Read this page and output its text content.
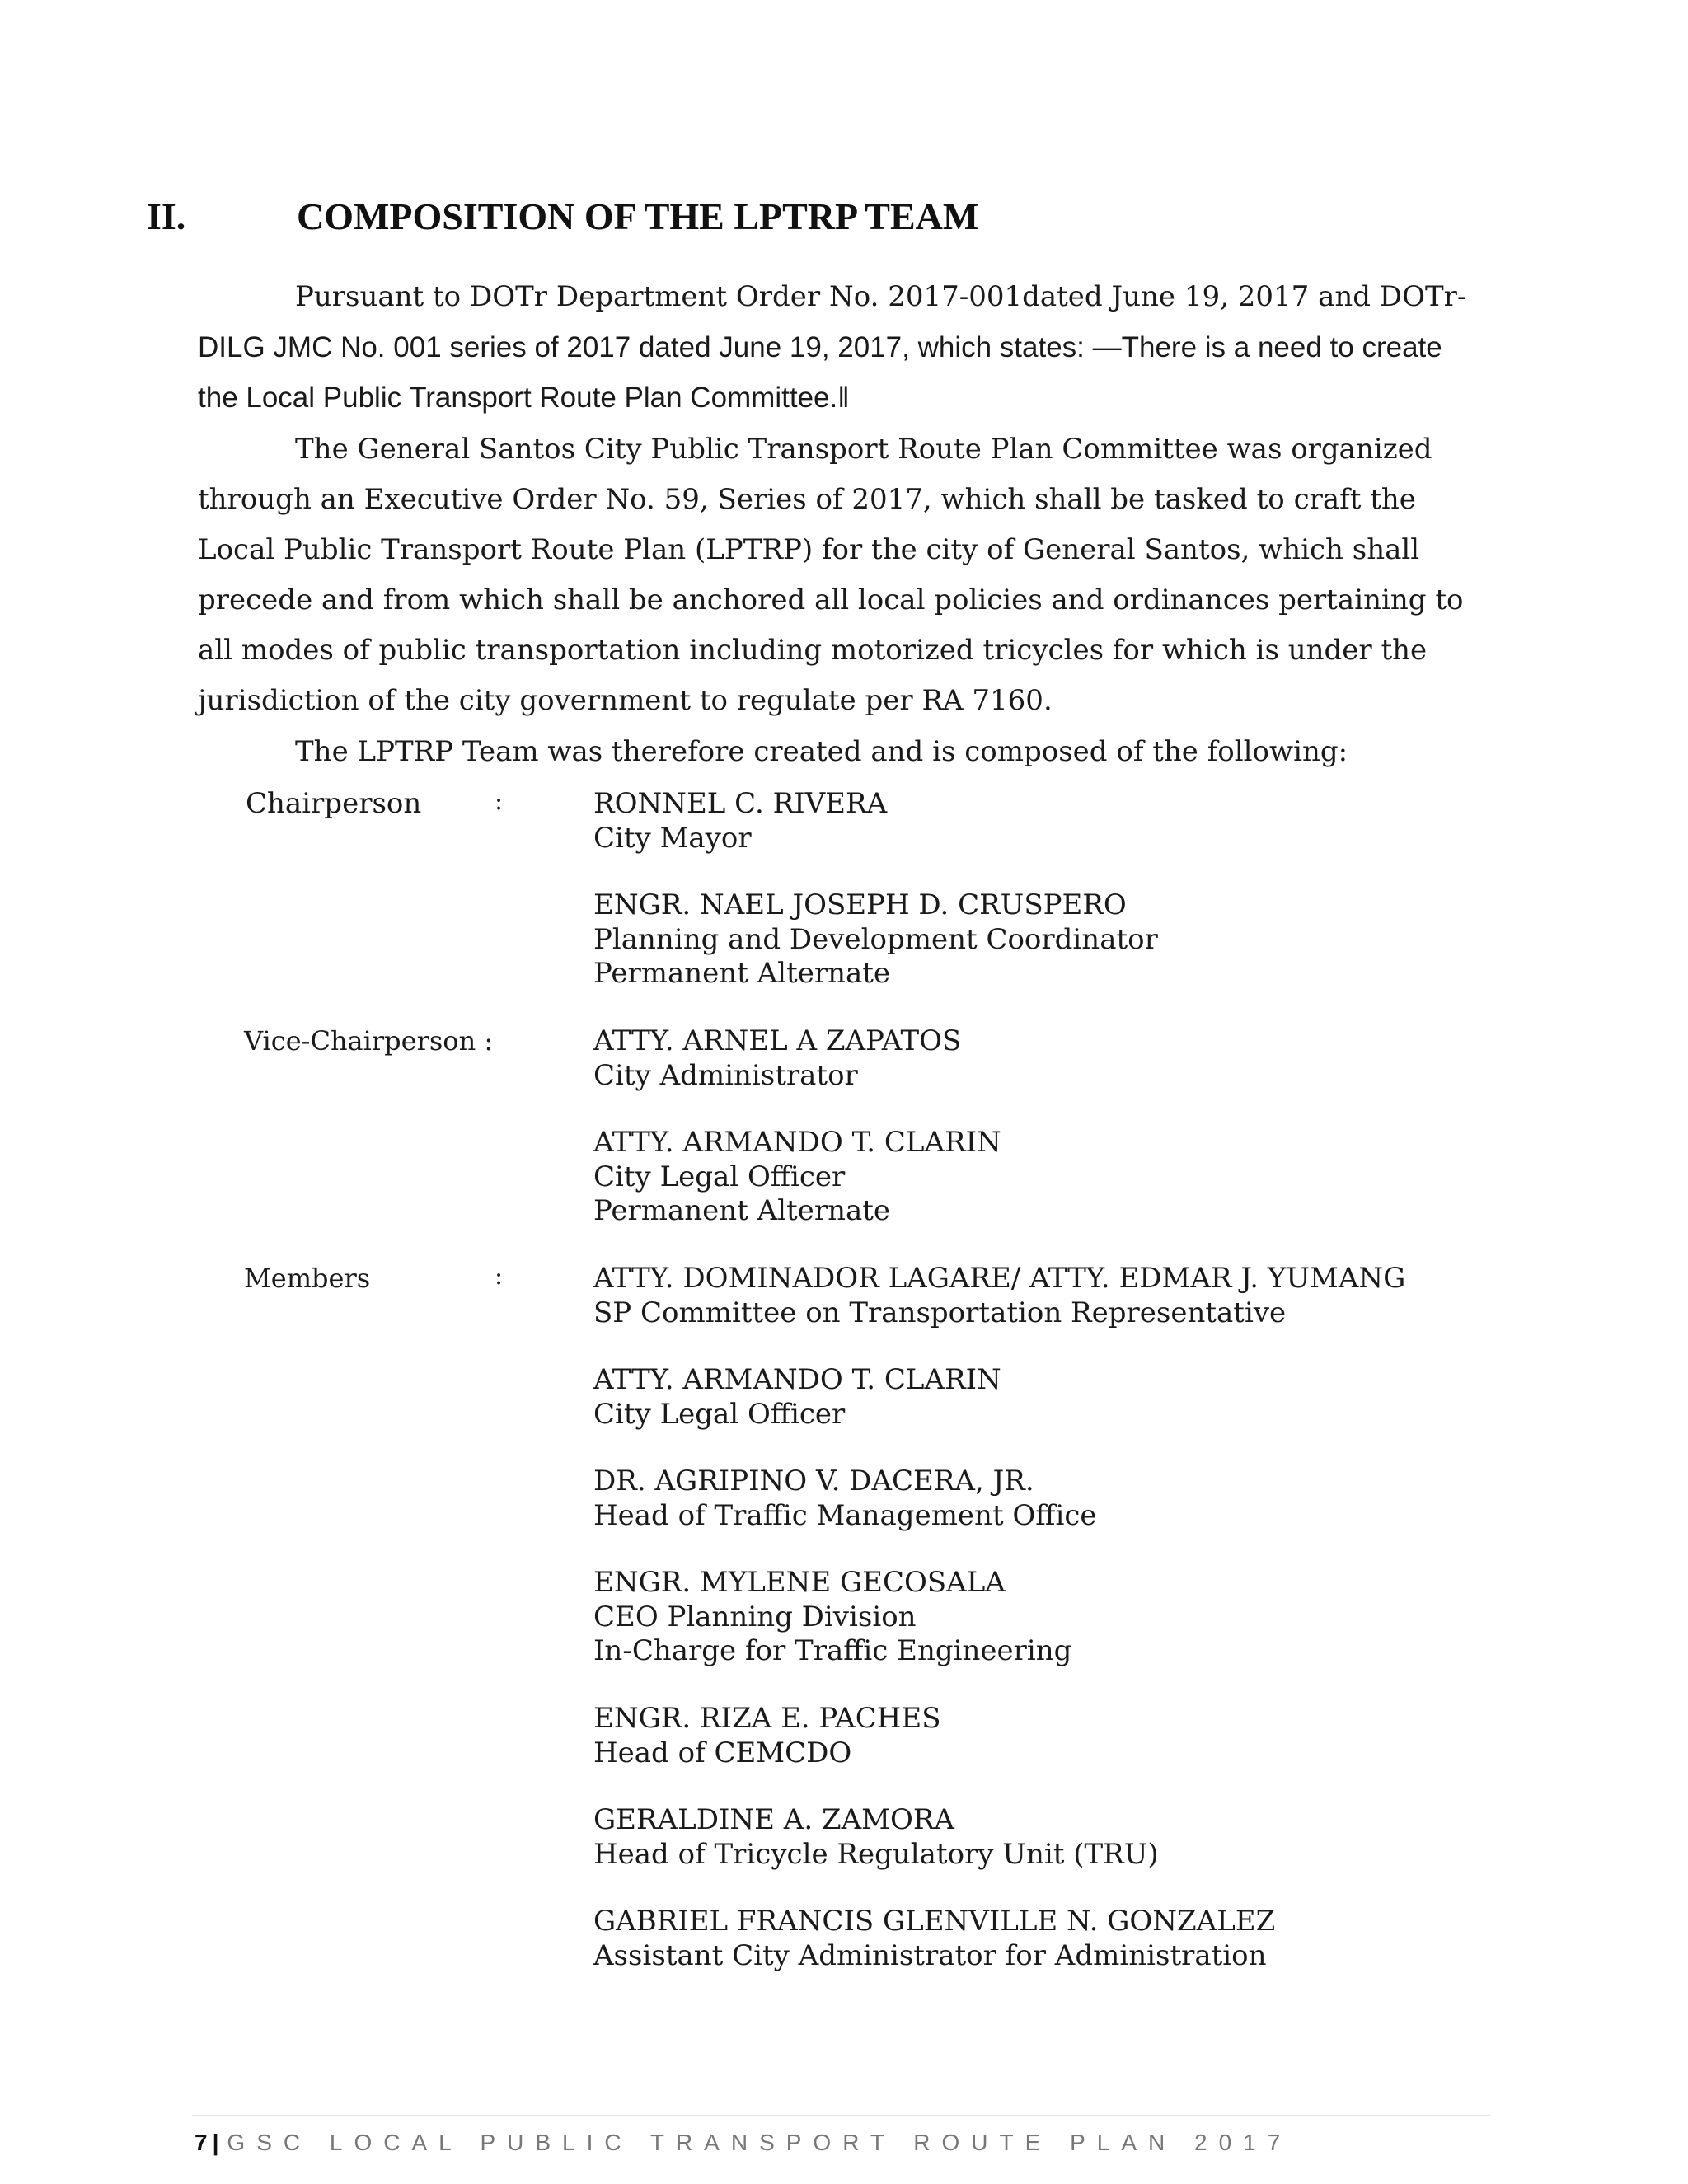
II.	COMPOSITION OF THE LPTRP TEAM
Pursuant to DOTr Department Order No. 2017-001dated June 19, 2017 and DOTr-
DILG JMC No. 001 series of 2017 dated June 19, 2017, which states: —There is a need to create
the Local Public Transport Route Plan Committee.‖
The General Santos City Public Transport Route Plan Committee was organized
through an Executive Order No. 59, Series of 2017, which shall be tasked to craft the
Local Public Transport Route Plan (LPTRP) for the city of General Santos, which shall
precede and from which shall be anchored all local policies and ordinances pertaining to
all modes of public transportation including motorized tricycles for which is under the
jurisdiction of the city government to regulate per RA 7160.
The LPTRP Team was therefore created and is composed of the following:
Chairperson	:	RONNEL C. RIVERA
City Mayor
ENGR. NAEL JOSEPH D. CRUSPERO
Planning and Development Coordinator
Permanent Alternate
Vice-Chairperson :	ATTY. ARNEL A ZAPATOS
City Administrator
ATTY. ARMANDO T. CLARIN
City Legal Officer
Permanent Alternate
Members	:	ATTY. DOMINADOR LAGARE/ ATTY. EDMAR J. YUMANG
SP Committee on Transportation Representative
ATTY. ARMANDO T. CLARIN
City Legal Officer
DR. AGRIPINO V. DACERA, JR.
Head of Traffic Management Office
ENGR. MYLENE GECOSALA
CEO Planning Division
In-Charge for Traffic Engineering
ENGR. RIZA E. PACHES
Head of CEMCDO
GERALDINE A. ZAMORA
Head of Tricycle Regulatory Unit (TRU)
GABRIEL FRANCIS GLENVILLE N. GONZALEZ
Assistant City Administrator for Administration
7 | GSC LOCAL PUBLIC TRANSPORT ROUTE PLAN 2017
